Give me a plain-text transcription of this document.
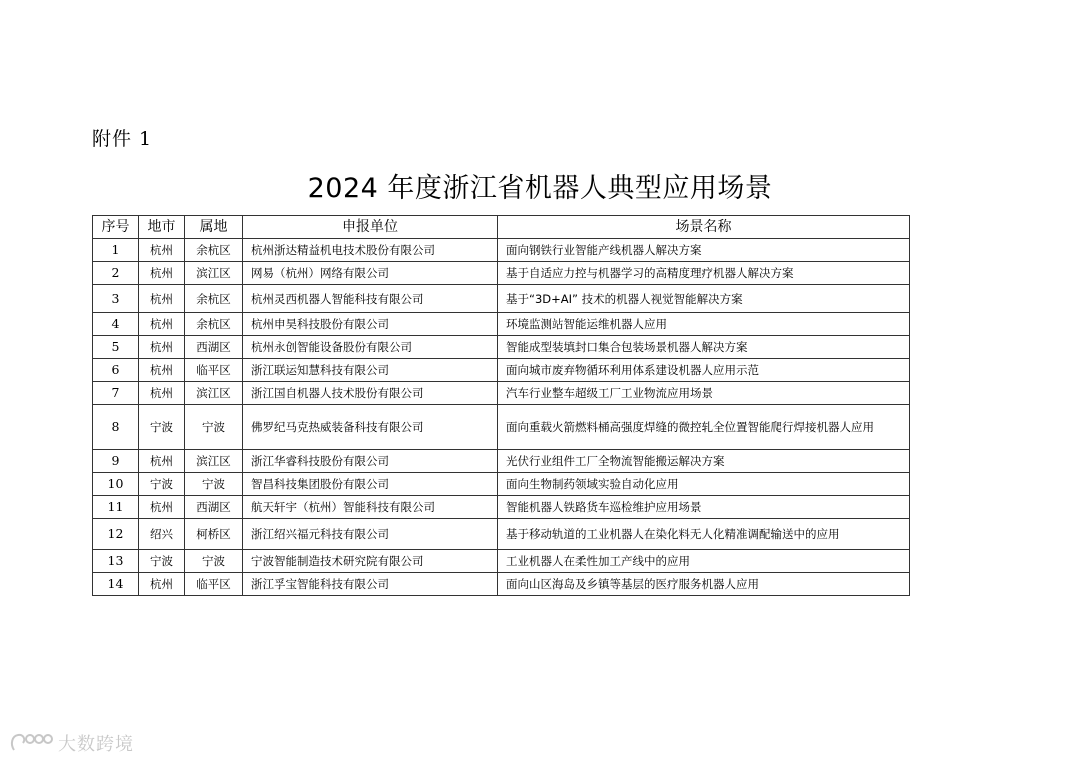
附件 1
2024 年度浙江省机器人典型应用场景
序号	地市	属地	申报单位	场景名称
1	杭州	余杭区	杭州浙达精益机电技术股份有限公司	面向钢铁行业智能产线机器人解决方案
2	杭州	滨江区	网易（杭州）网络有限公司	基于自适应力控与机器学习的高精度理疗机器人解决方案
3	杭州	余杭区	杭州灵西机器人智能科技有限公司	基于“3D+AI” 技术的机器人视觉智能解决方案
4	杭州	余杭区	杭州申昊科技股份有限公司	环境监测站智能运维机器人应用
5	杭州	西湖区	杭州永创智能设备股份有限公司	智能成型装填封口集合包装场景机器人解决方案
6	杭州	临平区	浙江联运知慧科技有限公司	面向城市废弃物循环利用体系建设机器人应用示范
7	杭州	滨江区	浙江国自机器人技术股份有限公司	汽车行业整车超级工厂工业物流应用场景
8	宁波	宁波	佛罗纪马克热威装备科技有限公司	面向重载火箭燃料桶高强度焊缝的微控轧全位置智能爬行焊接机器人应用
9	杭州	滨江区	浙江华睿科技股份有限公司	光伏行业组件工厂全物流智能搬运解决方案
10	宁波	宁波	智昌科技集团股份有限公司	面向生物制药领域实验自动化应用
11	杭州	西湖区	航天轩宇（杭州）智能科技有限公司	智能机器人铁路货车巡检维护应用场景
12	绍兴	柯桥区	浙江绍兴福元科技有限公司	基于移动轨道的工业机器人在染化料无人化精准调配输送中的应用
13	宁波	宁波	宁波智能制造技术研究院有限公司	工业机器人在柔性加工产线中的应用
14	杭州	临平区	浙江孚宝智能科技有限公司	面向山区海岛及乡镇等基层的医疗服务机器人应用
大数跨境
